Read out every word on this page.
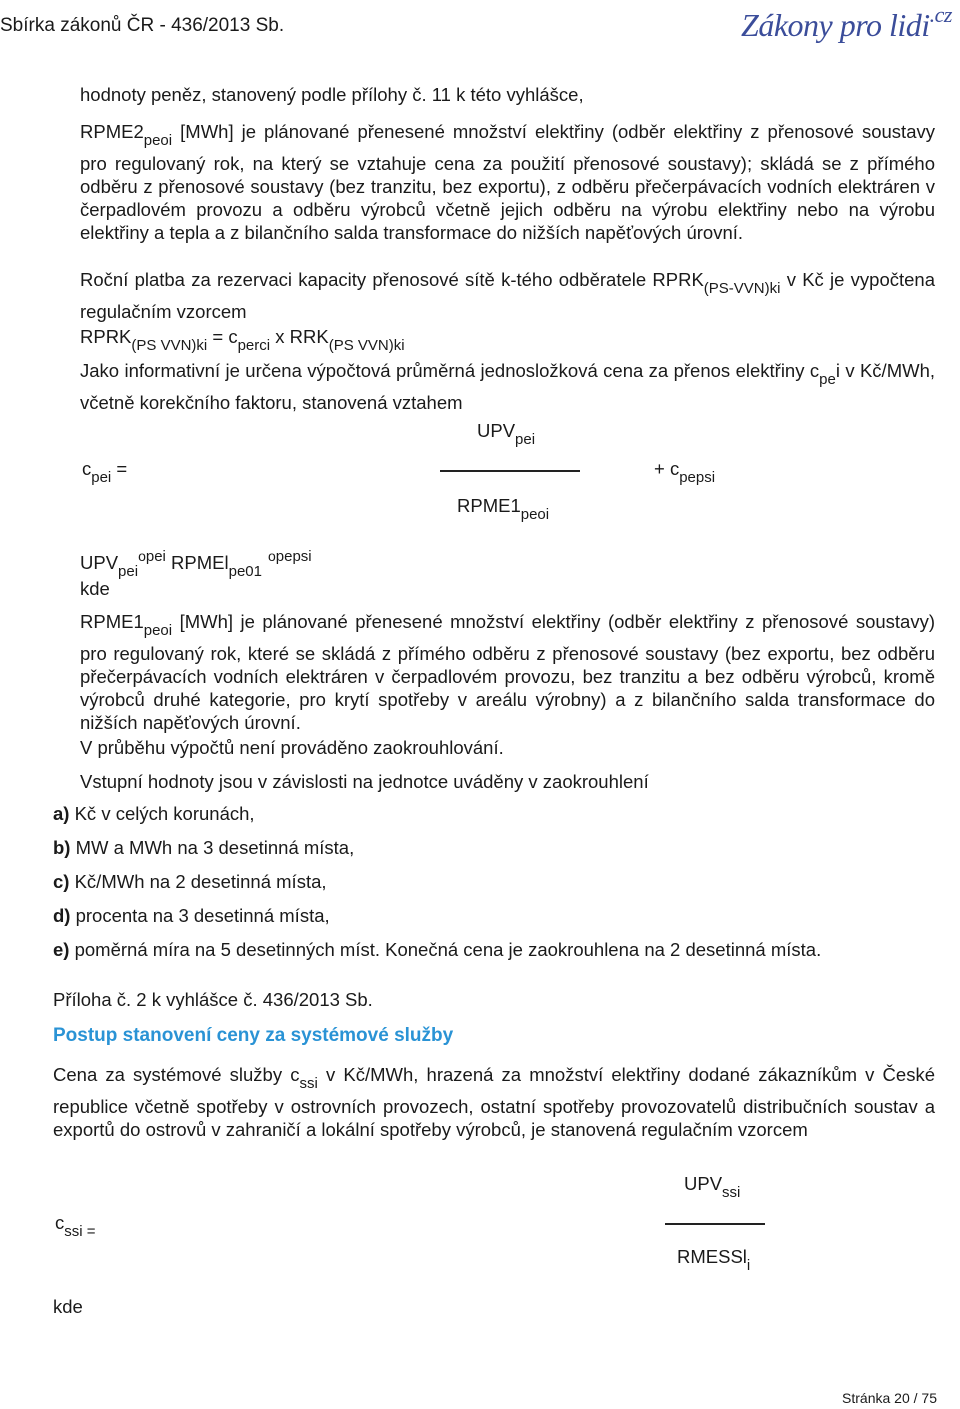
Sbírka zákonů ČR - 436/2013 Sb.	Zákony pro lidi$^{.cz}$
hodnoty peněz, stanovený podle přílohy č. 11 k této vyhlášce,
$RPME2_{peoi}$ [MWh] je plánované přenesené množství elektřiny (odběr elektřiny z přenosové soustavy pro regulovaný rok, na který se vztahuje cena za použití přenosové soustavy); skládá se z přímého odběru z přenosové soustavy (bez tranzitu, bez exportu), z odběru přečerpávacích vodních elektráren v čerpadlovém provozu a odběru výrobců včetně jejich odběru na výrobu elektřiny nebo na výrobu elektřiny a tepla a z bilančního salda transformace do nižších napěťových úrovní.
Roční platba za rezervaci kapacity přenosové sítě k-tého odběratele $RPRK_{(PS-VVN)ki}$ v Kč je vypočtena regulačním vzorcem
$RPRK_{(PS VVN)ki} = c_{perci}$ x $RRK_{(PS VVN)ki}$
Jako informativní je určena výpočtová průměrná jednosložková cena za přenos elektřiny $c_{pe}i$ v Kč/MWh, včetně korekčního faktoru, stanovená vztahem
$c_{pei}$ =
$UPV_{pei}$
$RPME1_{peoi}$
+ $c_{pepsi}$
$UPV_{pei}^{opei}$ RPMEl$_{pe01}^{opepsi}$
kde
$RPME1_{peoi}$ [MWh] je plánované přenesené množství elektřiny (odběr elektřiny z přenosové soustavy) pro regulovaný rok, které se skládá z přímého odběru z přenosové soustavy (bez exportu, bez odběru přečerpávacích vodních elektráren v čerpadlovém provozu, bez tranzitu a bez odběru výrobců, kromě výrobců druhé kategorie, pro krytí spotřeby v areálu výrobny) a z bilančního salda transformace do nižších napěťových úrovní.
V průběhu výpočtů není prováděno zaokrouhlování.
Vstupní hodnoty jsou v závislosti na jednotce uváděny v zaokrouhlení
a) Kč v celých korunách,
b) MW a MWh na 3 desetinná místa,
c) Kč/MWh na 2 desetinná místa,
d) procenta na 3 desetinná místa,
e) poměrná míra na 5 desetinných míst. Konečná cena je zaokrouhlena na 2 desetinná místa.
Příloha č. 2 k vyhlášce č. 436/2013 Sb.
Postup stanovení ceny za systémové služby
Cena za systémové služby $c_{ssi}$ v Kč/MWh, hrazená za množství elektřiny dodané zákazníkům v České republice včetně spotřeby v ostrovních provozech, ostatní spotřeby provozovatelů distribučních soustav a exportů do ostrovů v zahraničí a lokální spotřeby výrobců, je stanovená regulačním vzorcem
$c_{ssi =}$
$UPV_{ssi}$
RMESSl$_i$
kde
Stránka 20 / 75
